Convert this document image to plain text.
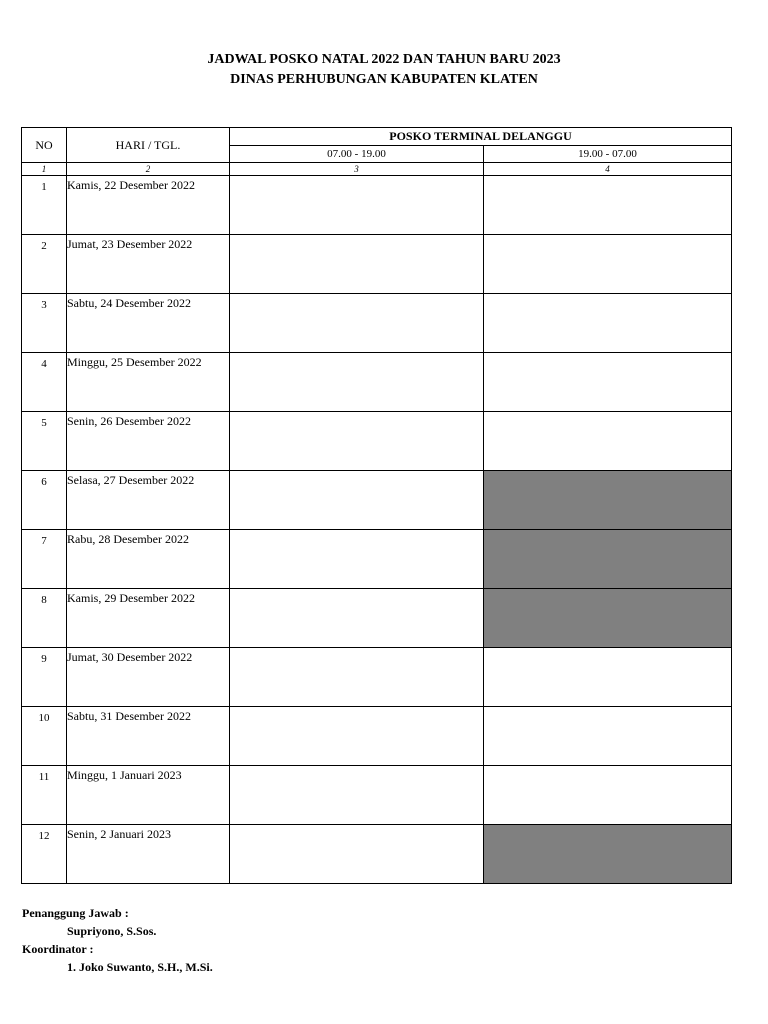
JADWAL POSKO NATAL 2022 DAN TAHUN BARU 2023
DINAS PERHUBUNGAN KABUPATEN KLATEN
NO	HARI / TGL.	POSKO TERMINAL DELANGGU	
		07.00 - 19.00	19.00 - 07.00
1	2	3	4
1	Kamis, 22 Desember 2022		
2	Jumat, 23 Desember 2022		
3	Sabtu, 24 Desember 2022		
4	Minggu, 25 Desember 2022		
5	Senin, 26 Desember 2022		
6	Selasa, 27 Desember 2022		
7	Rabu, 28 Desember 2022		
8	Kamis, 29 Desember 2022		
9	Jumat, 30 Desember 2022		
10	Sabtu, 31 Desember 2022		
11	Minggu, 1 Januari 2023		
12	Senin, 2 Januari 2023		
Penanggung Jawab :
Supriyono, S.Sos.
Koordinator :
1. Joko Suwanto, S.H., M.Si.
